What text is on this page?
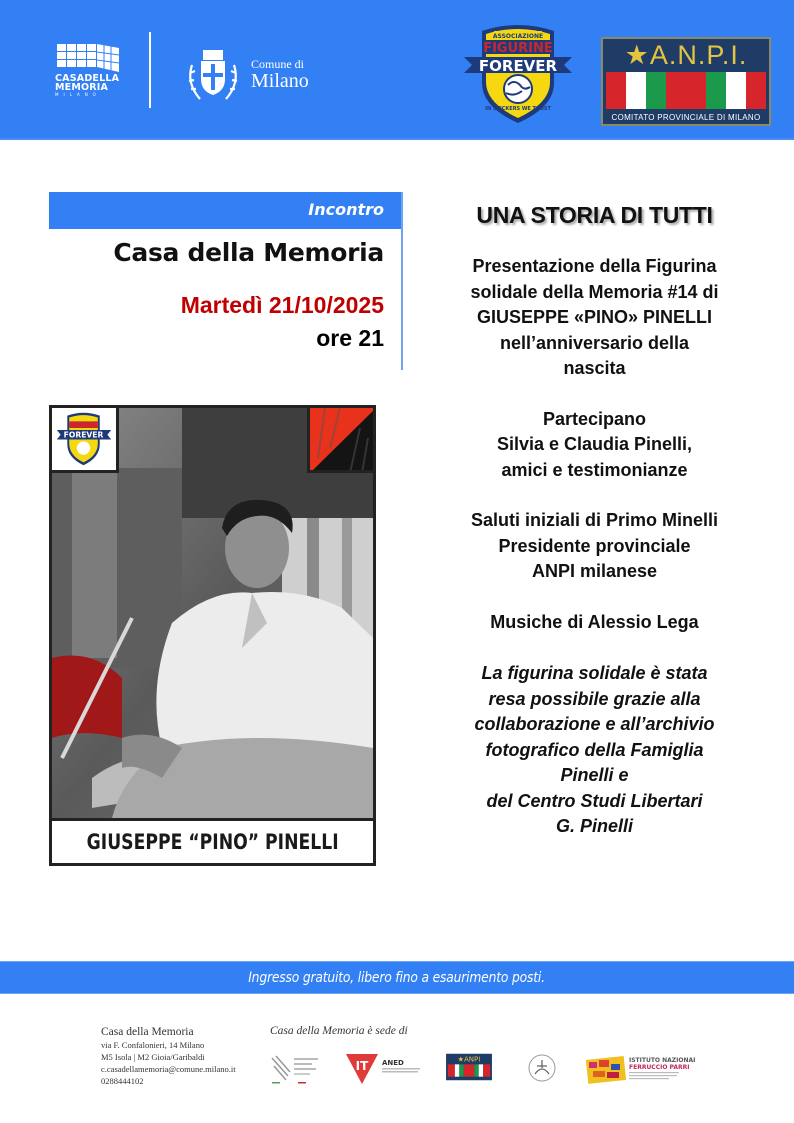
CASADELLA
MEMORIA
MILANO
Comune di
Milano
ASSOCIAZIONE
FIGURINE
FOREVER
IN STICKERS WE TRUST
★A.N.P.I.
COMITATO PROVINCIALE DI MILANO
Incontro
Casa della Memoria
Martedì 21/10/2025
ore 21
FOREVER
GIUSEPPE “PINO” PINELLI
UNA STORIA DI TUTTI
Presentazione della Figurina
solidale della Memoria #14 di
GIUSEPPE «PINO» PINELLI
nell’anniversario della
nascita
Partecipano
Silvia e Claudia Pinelli,
amici e testimonianze
Saluti iniziali di Primo Minelli
Presidente provinciale
ANPI milanese
Musiche di Alessio Lega
La figurina solidale è stata
resa possibile grazie alla
collaborazione e all’archivio
fotografico della Famiglia
Pinelli e
del Centro Studi Libertari
G. Pinelli
Ingresso gratuito, libero fino a esaurimento posti.
Casa della Memoria
via F. Confalonieri, 14 Milano
M5 Isola | M2 Gioia/Garibaldi
c.casadellamemoria@comune.milano.it
0288444102
Casa della Memoria è sede di
IT ANED	★ANPI	ISTITUTO NAZIONALE
FERRUCCIO PARRI
